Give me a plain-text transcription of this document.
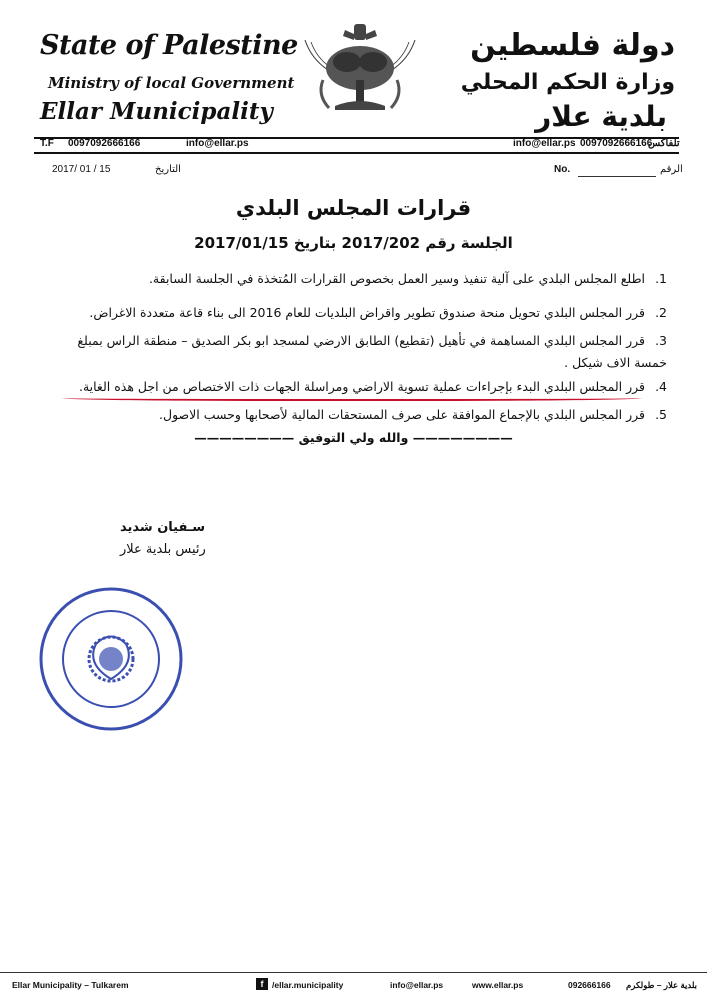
State of Palestine
Ministry of local Government
Ellar Municipality
دولة فلسطين
وزارة الحكم المحلي
بلدية علار
T.F 0097092666166	info@ellar.ps	info@ellar.ps 0097092666166
تلفاكس
2017/ 01 / 15	التاريخ	No.	الرقم
قرارات المجلس البلدي
الجلسة رقم 2017/202 بتاريخ 2017/01/15
1.اطلع المجلس البلدي على آلية تنفيذ وسير العمل بخصوص القرارات المُتخذة في الجلسة السابقة.
2.قرر المجلس البلدي تحويل منحة صندوق تطوير واقراض البلديات للعام 2016 الى بناء قاعة متعددة الاغراض.
3.قرر المجلس البلدي المساهمة في تأهيل (تقطيع) الطابق الارضي لمسجد ابو بكر الصديق – منطقة الراس بمبلغ خمسة الاف شيكل .
4.قرر المجلس البلدي البدء بإجراءات عملية تسوية الاراضي ومراسلة الجهات ذات الاختصاص من اجل هذه الغاية.
5.قرر المجلس البلدي بالإجماع الموافقة على صرف المستحقات المالية لأصحابها وحسب الاصول.
———————— والله ولي التوفيق ————————
سـفيان شديد
رئيس بلدية علار
Ellar Municipality – Tulkarem	f	/ellar.municipality	info@ellar.ps	www.ellar.ps	092666166 بلدية علار – طولكرم
